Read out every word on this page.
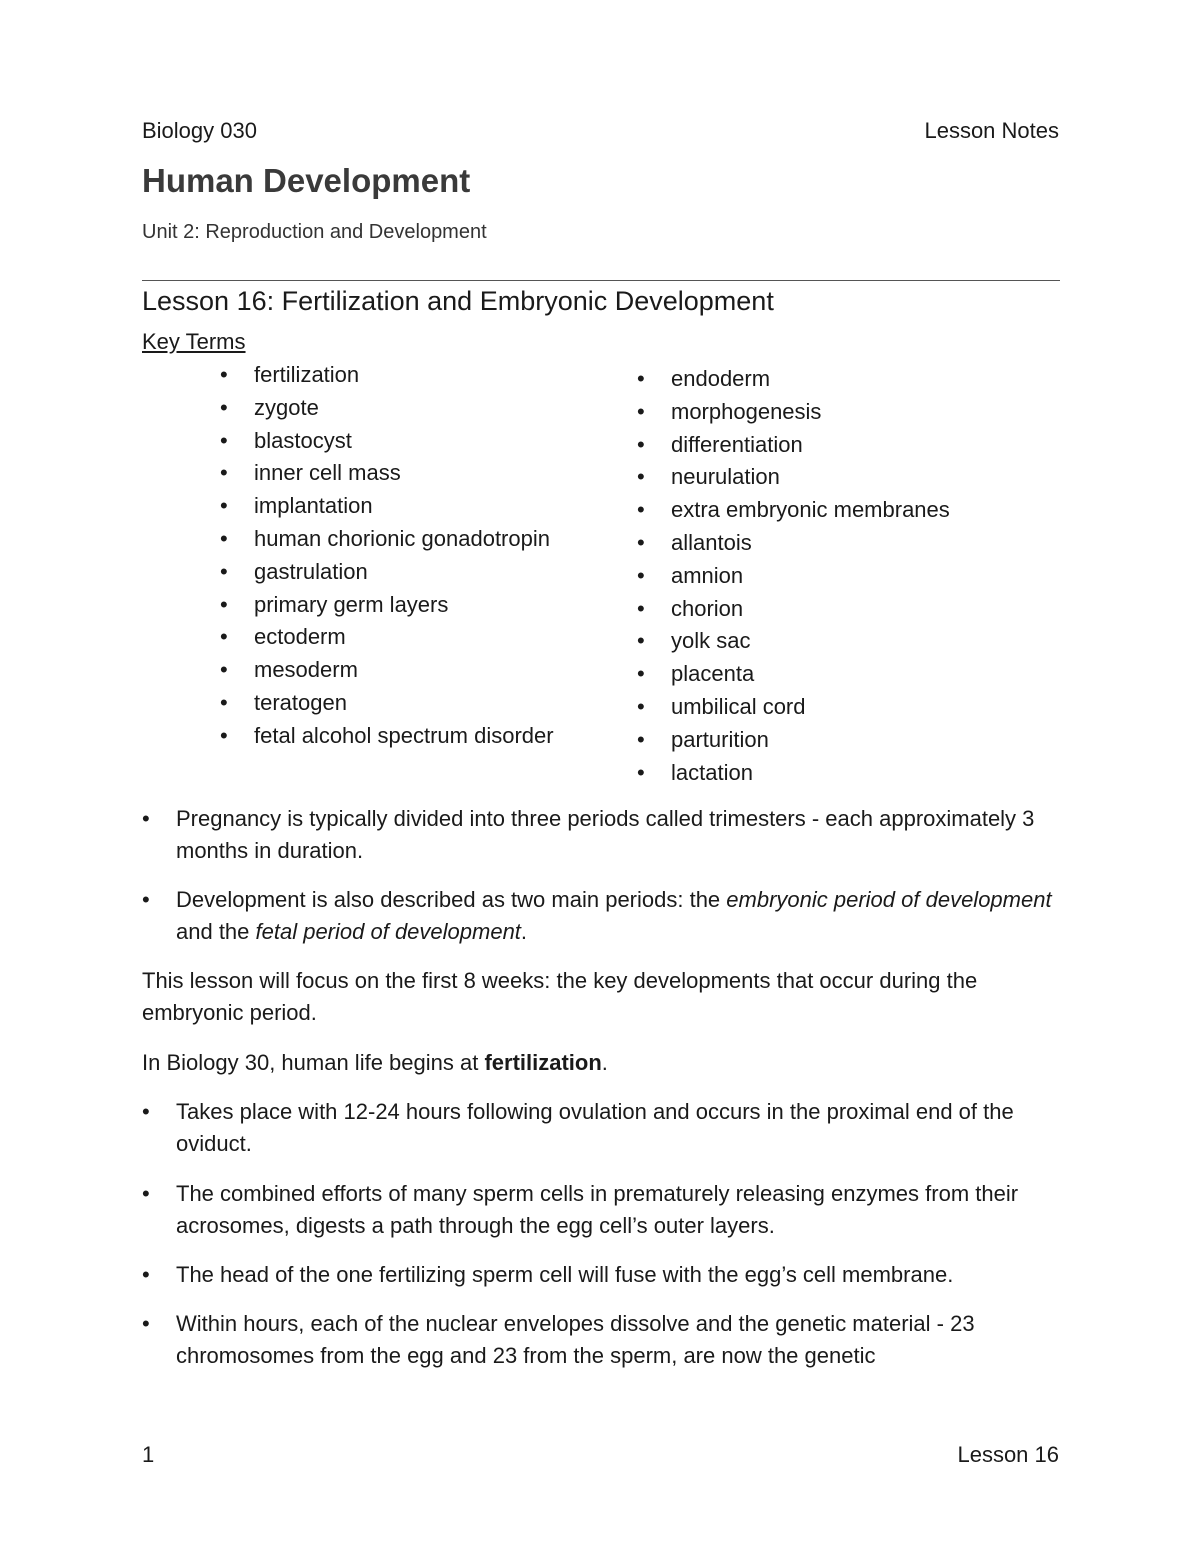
Biology 030	Lesson Notes
Human Development
Unit 2: Reproduction and Development
Lesson 16: Fertilization and Embryonic Development
Key Terms
• fertilization
• zygote
• blastocyst
• inner cell mass
• implantation
• human chorionic gonadotropin
• gastrulation
• primary germ layers
• ectoderm
• mesoderm
• teratogen
• fetal alcohol spectrum disorder
• endoderm
• morphogenesis
• differentiation
• neurulation
• extra embryonic membranes
• allantois
• amnion
• chorion
• yolk sac
• placenta
• umbilical cord
• parturition
• lactation
• Pregnancy is typically divided into three periods called trimesters - each approximately 3 months in duration.
• Development is also described as two main periods: the embryonic period of development and the fetal period of development.
This lesson will focus on the first 8 weeks: the key developments that occur during the embryonic period.
In Biology 30, human life begins at fertilization.
• Takes place with 12-24 hours following ovulation and occurs in the proximal end of the oviduct.
• The combined efforts of many sperm cells in prematurely releasing enzymes from their acrosomes, digests a path through the egg cell’s outer layers.
• The head of the one fertilizing sperm cell will fuse with the egg’s cell membrane.
• Within hours, each of the nuclear envelopes dissolve and the genetic material - 23 chromosomes from the egg and 23 from the sperm, are now the genetic
1	Lesson 16
